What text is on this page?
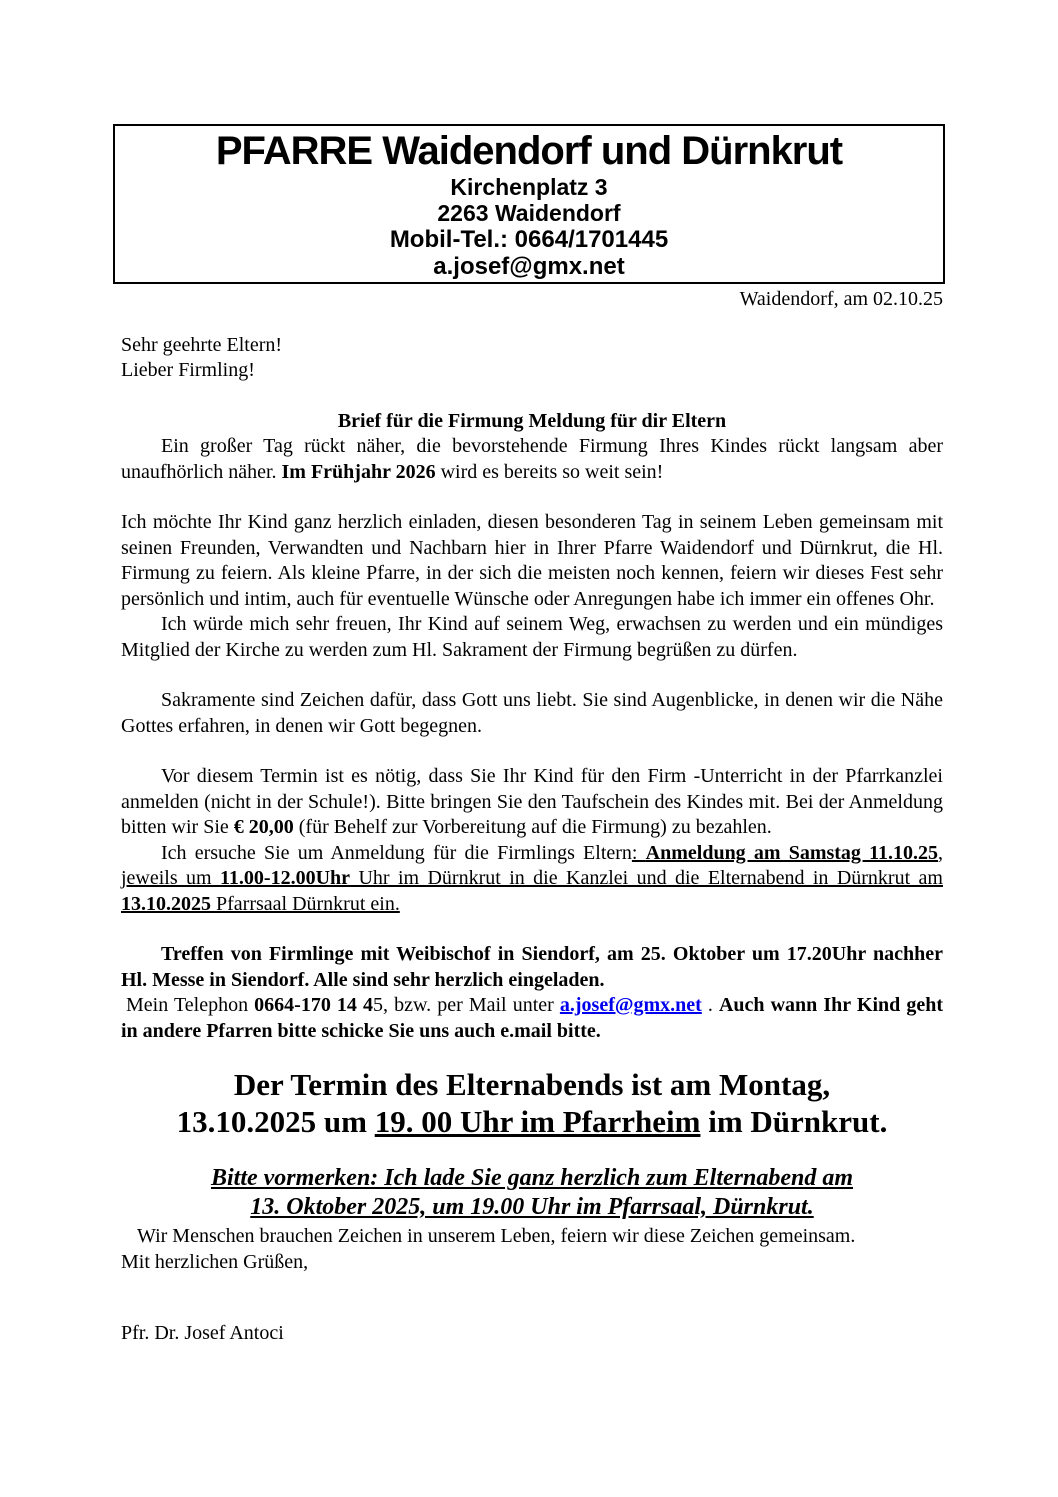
PFARRE Waidendorf und Dürnkrut
Kirchenplatz 3
2263 Waidendorf
Mobil-Tel.: 0664/1701445
a.josef@gmx.net
Waidendorf, am 02.10.25

Sehr geehrte Eltern!

Lieber Firmling!

Brief für die Firmung Meldung für dir Eltern

Ein großer Tag rückt näher, die bevorstehende Firmung Ihres Kindes rückt langsam aber unaufhörlich näher. Im Frühjahr 2026 wird es bereits so weit sein!

Ich möchte Ihr Kind ganz herzlich einladen, diesen besonderen Tag in seinem Leben gemeinsam mit seinen Freunden, Verwandten und Nachbarn hier in Ihrer Pfarre Waidendorf und Dürnkrut, die Hl. Firmung zu feiern. Als kleine Pfarre, in der sich die meisten noch kennen, feiern wir dieses Fest sehr persönlich und intim, auch für eventuelle Wünsche oder Anregungen habe ich immer ein offenes Ohr.

Ich würde mich sehr freuen, Ihr Kind auf seinem Weg, erwachsen zu werden und ein mündiges Mitglied der Kirche zu werden zum Hl. Sakrament der Firmung begrüßen zu dürfen.

Sakramente sind Zeichen dafür, dass Gott uns liebt. Sie sind Augenblicke, in denen wir die Nähe Gottes erfahren, in denen wir Gott begegnen.

Vor diesem Termin ist es nötig, dass Sie Ihr Kind für den Firm -Unterricht in der Pfarrkanzlei anmelden (nicht in der Schule!). Bitte bringen Sie den Taufschein des Kindes mit. Bei der Anmeldung bitten wir Sie € 20,00 (für Behelf zur Vorbereitung auf die Firmung) zu bezahlen.

Ich ersuche Sie um Anmeldung für die Firmlings Eltern: Anmeldung am Samstag 11.10.25, jeweils um 11.00-12.00Uhr Uhr im Dürnkrut in die Kanzlei und die Elternabend in Dürnkrut am 13.10.2025 Pfarrsaal Dürnkrut ein.

Treffen von Firmlinge mit Weibischof in Siendorf, am 25. Oktober um 17.20Uhr nachher Hl. Messe in Siendorf. Alle sind sehr herzlich eingeladen.

Mein Telephon 0664-170 14 45, bzw. per Mail unter a.josef@gmx.net . Auch wann Ihr Kind geht in andere Pfarren bitte schicke Sie uns auch e.mail bitte.

Der Termin des Elternabends ist am Montag,
13.10.2025 um 19. 00 Uhr im Pfarrheim im Dürnkrut.
Bitte vormerken: Ich lade Sie ganz herzlich zum Elternabend am
13. Oktober 2025, um 19.00 Uhr im Pfarrsaal, Dürnkrut.

Wir Menschen brauchen Zeichen in unserem Leben, feiern wir diese Zeichen gemeinsam.

Mit herzlichen Grüßen,

Pfr. Dr. Josef Antoci
